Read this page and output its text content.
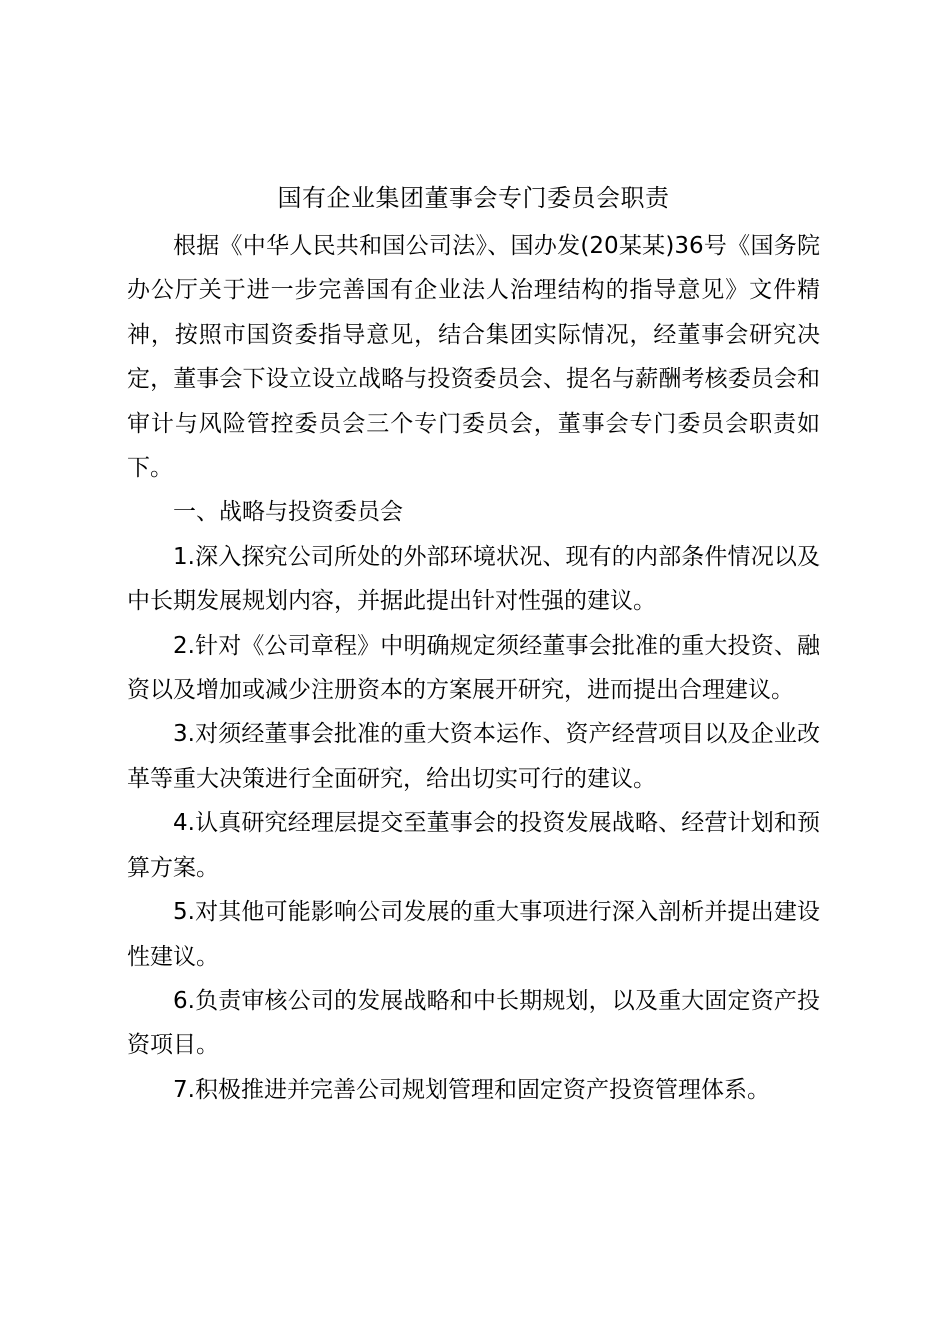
国有企业集团董事会专门委员会职责

根据《中华人民共和国公司法》、国办发(20某某)36号《国务院办公厅关于进一步完善国有企业法人治理结构的指导意见》文件精神，按照市国资委指导意见，结合集团实际情况，经董事会研究决定，董事会下设立设立战略与投资委员会、提名与薪酬考核委员会和审计与风险管控委员会三个专门委员会，董事会专门委员会职责如下。

一、战略与投资委员会

1.深入探究公司所处的外部环境状况、现有的内部条件情况以及中长期发展规划内容，并据此提出针对性强的建议。

2.针对《公司章程》中明确规定须经董事会批准的重大投资、融资以及增加或减少注册资本的方案展开研究，进而提出合理建议。

3.对须经董事会批准的重大资本运作、资产经营项目以及企业改革等重大决策进行全面研究，给出切实可行的建议。

4.认真研究经理层提交至董事会的投资发展战略、经营计划和预算方案。

5.对其他可能影响公司发展的重大事项进行深入剖析并提出建设性建议。

6.负责审核公司的发展战略和中长期规划，以及重大固定资产投资项目。

7.积极推进并完善公司规划管理和固定资产投资管理体系。
